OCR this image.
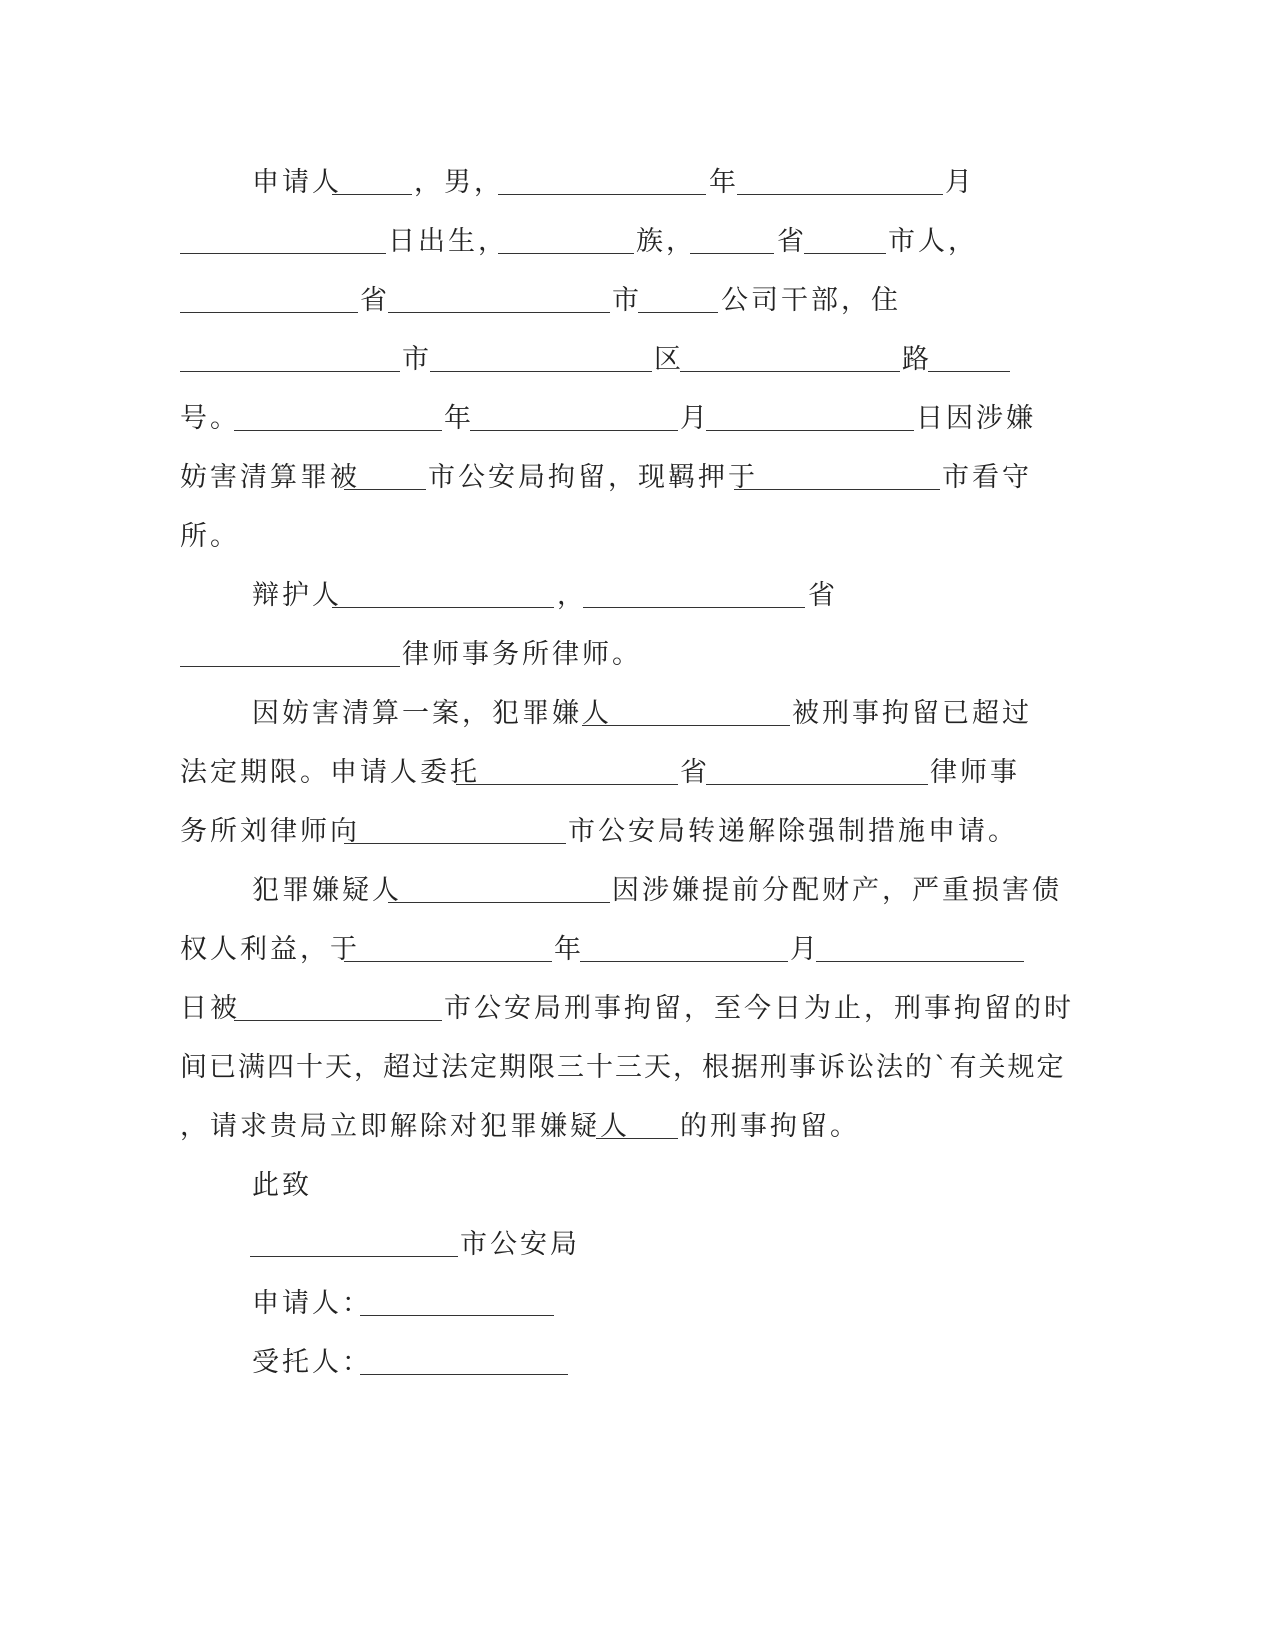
申请人	，男，	年	月
日出生，	族，	省	市人，
省	市	公司干部，住
市	区	路
号。	年	月	日因涉嫌
妨害清算罪被	市公安局拘留，现羁押于	市看守
所。
辩护人	，	省
律师事务所律师。
因妨害清算一案，犯罪嫌人	被刑事拘留已超过
法定期限。申请人委托	省	律师事
务所刘律师向	市公安局转递解除强制措施申请。
犯罪嫌疑人	因涉嫌提前分配财产，严重损害债
权人利益，于	年	月
日被	市公安局刑事拘留，至今日为止，刑事拘留的时
间已满四十天，超过法定期限三十三天，根据刑事诉讼法的`有关规定
，请求贵局立即解除对犯罪嫌疑人 的刑事拘留。
此致
市公安局
申请人：
受托人：
